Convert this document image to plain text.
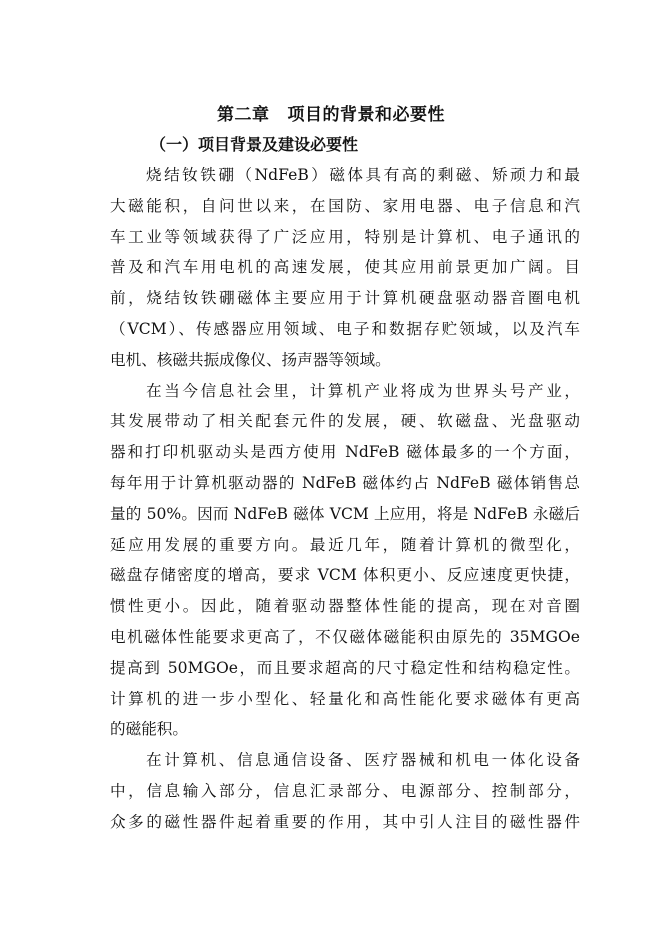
第二章 项目的背景和必要性
（一）项目背景及建设必要性
烧结钕铁硼（NdFeB）磁体具有高的剩磁、矫顽力和最
大磁能积，自问世以来，在国防、家用电器、电子信息和汽
车工业等领域获得了广泛应用，特别是计算机、电子通讯的
普及和汽车用电机的高速发展，使其应用前景更加广阔。目
前，烧结钕铁硼磁体主要应用于计算机硬盘驱动器音圈电机
（VCM）、传感器应用领域、电子和数据存贮领域，以及汽车
电机、核磁共振成像仪、扬声器等领域。
在当今信息社会里，计算机产业将成为世界头号产业，
其发展带动了相关配套元件的发展，硬、软磁盘、光盘驱动
器和打印机驱动头是西方使用 NdFeB 磁体最多的一个方面，
每年用于计算机驱动器的 NdFeB 磁体约占 NdFeB 磁体销售总
量的 50%。因而 NdFeB 磁体 VCM 上应用，将是 NdFeB 永磁后
延应用发展的重要方向。最近几年，随着计算机的微型化，
磁盘存储密度的增高，要求 VCM 体积更小、反应速度更快捷，
惯性更小。因此，随着驱动器整体性能的提高，现在对音圈
电机磁体性能要求更高了，不仅磁体磁能积由原先的 35MGOe
提高到 50MGOe，而且要求超高的尺寸稳定性和结构稳定性。
计算机的进一步小型化、轻量化和高性能化要求磁体有更高
的磁能积。
在计算机、信息通信设备、医疗器械和机电一体化设备
中，信息输入部分，信息汇录部分、电源部分、控制部分，
众多的磁性器件起着重要的作用，其中引人注目的磁性器件
